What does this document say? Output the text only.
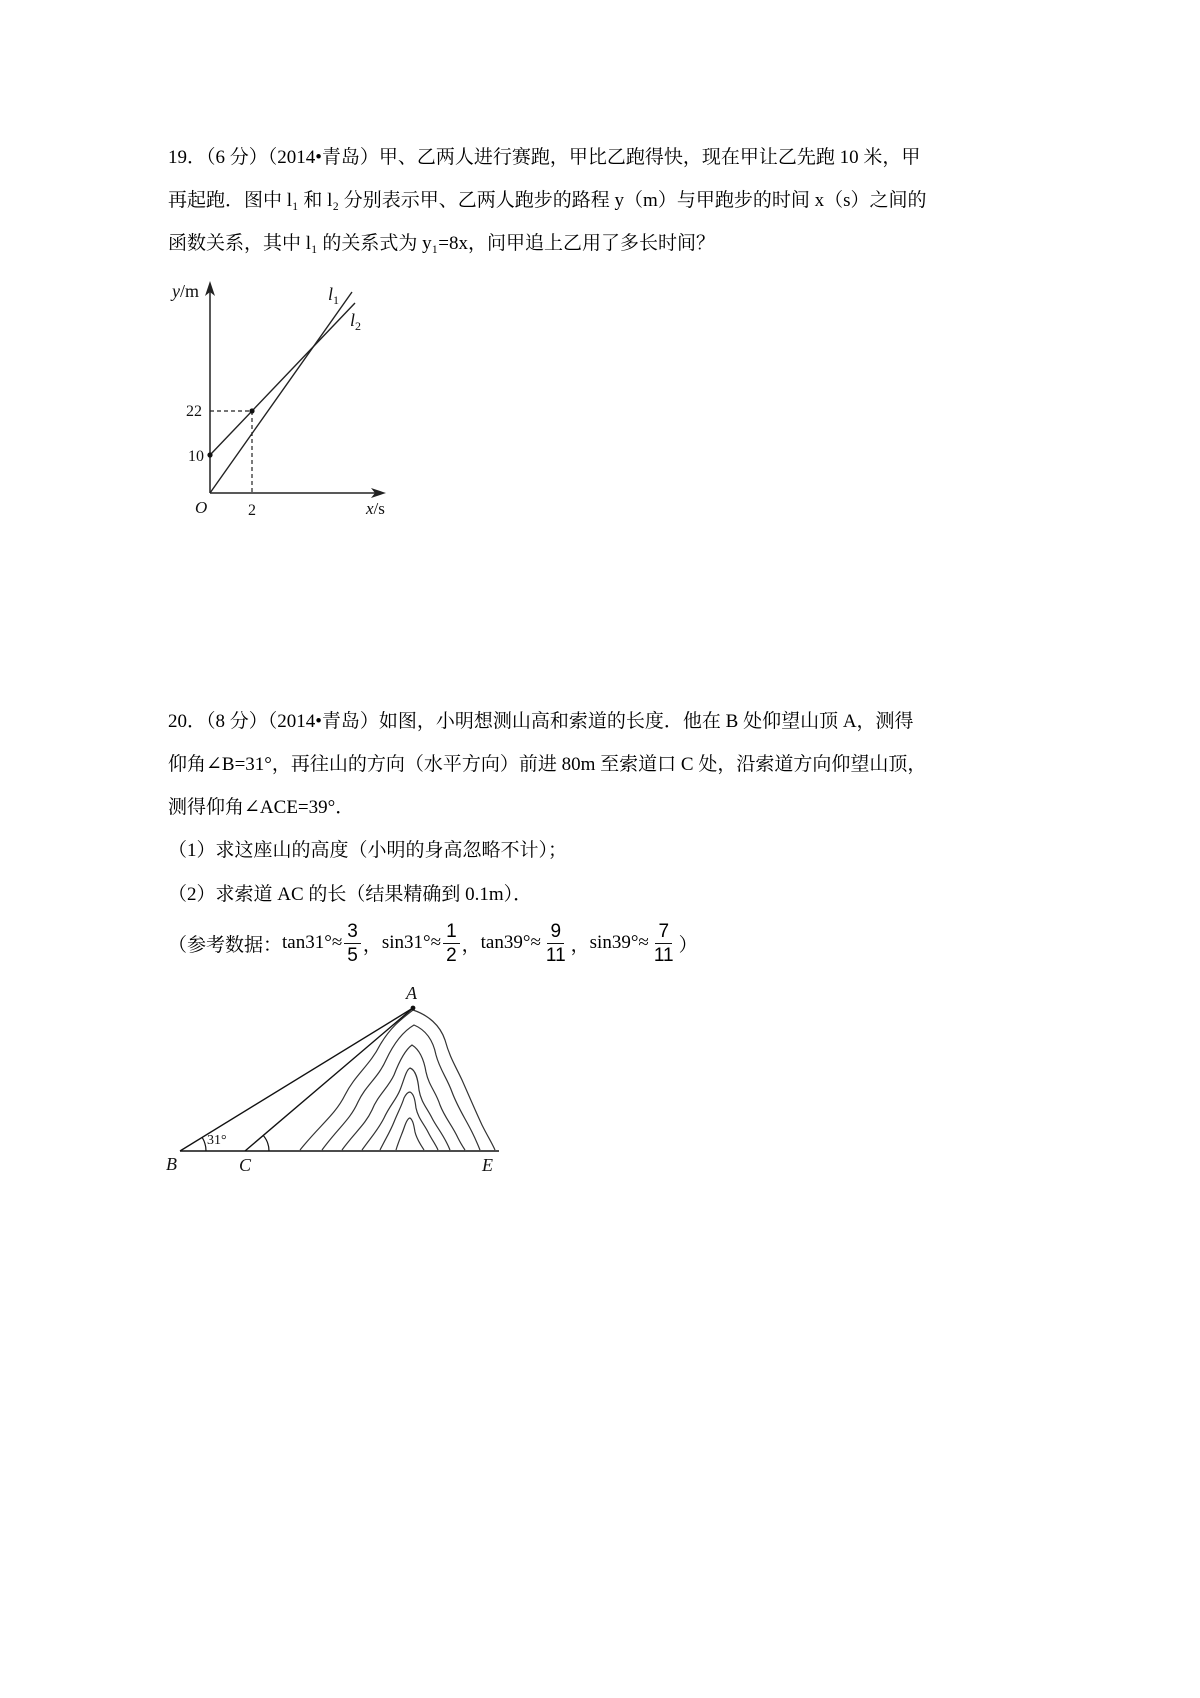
19．（6 分）（2014•青岛）甲、乙两人进行赛跑，甲比乙跑得快，现在甲让乙先跑 10 米，甲
再起跑．图中 l₁ 和 l₂ 分别表示甲、乙两人跑步的路程 y（m）与甲跑步的时间 x（s）之间的
函数关系，其中 l₁ 的关系式为 y₁=8x，问甲追上乙用了多长时间？
y/m
x/s
O
22
10
2
$l_1$
$l_2$
20．（8 分）（2014•青岛）如图，小明想测山高和索道的长度．他在 B 处仰望山顶 A，测得
仰角∠B=31°，再往山的方向（水平方向）前进 80m 至索道口 C 处，沿索道方向仰望山顶，
测得仰角∠ACE=39°．
（1）求这座山的高度（小明的身高忽略不计）；
（2）求索道 AC 的长（结果精确到 0.1m）．
（参考数据： $\tan 31^\circ\approx \frac{3}{5}$ ， $\sin 31^\circ\approx \frac{1}{2}$ ， $\tan 39^\circ\approx \frac{9}{11}$ ， $\sin 39^\circ\approx \frac{7}{11}$ ）
A
B	C	E
31°
